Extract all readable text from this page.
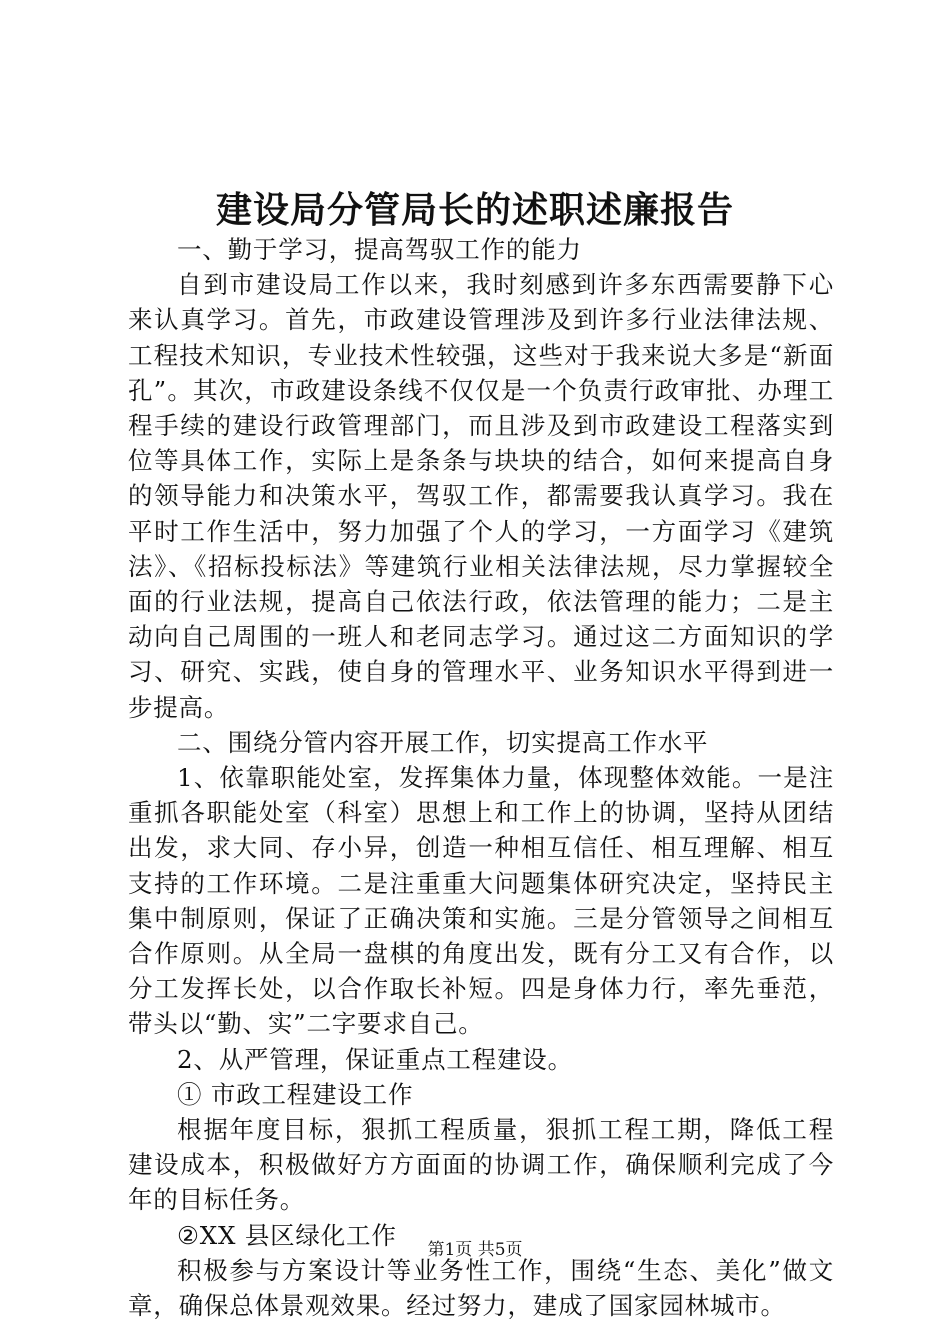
建设局分管局长的述职述廉报告

一、勤于学习，提高驾驭工作的能力

自到市建设局工作以来，我时刻感到许多东西需要静下心来认真学习。首先，市政建设管理涉及到许多行业法律法规、工程技术知识，专业技术性较强，这些对于我来说大多是“新面孔”。其次，市政建设条线不仅仅是一个负责行政审批、办理工程手续的建设行政管理部门，而且涉及到市政建设工程落实到位等具体工作，实际上是条条与块块的结合，如何来提高自身的领导能力和决策水平，驾驭工作，都需要我认真学习。我在平时工作生活中，努力加强了个人的学习，一方面学习《建筑法》、《招标投标法》等建筑行业相关法律法规，尽力掌握较全面的行业法规，提高自己依法行政，依法管理的能力；二是主动向自己周围的一班人和老同志学习。通过这二方面知识的学习、研究、实践，使自身的管理水平、业务知识水平得到进一步提高。

二、围绕分管内容开展工作，切实提高工作水平

1、依靠职能处室，发挥集体力量，体现整体效能。一是注重抓各职能处室（科室）思想上和工作上的协调，坚持从团结出发，求大同、存小异，创造一种相互信任、相互理解、相互支持的工作环境。二是注重重大问题集体研究决定，坚持民主集中制原则，保证了正确决策和实施。三是分管领导之间相互合作原则。从全局一盘棋的角度出发，既有分工又有合作，以分工发挥长处，以合作取长补短。四是身体力行，率先垂范，带头以“勤、实”二字要求自己。

2、从严管理，保证重点工程建设。

① 市政工程建设工作

根据年度目标，狠抓工程质量，狠抓工程工期，降低工程建设成本，积极做好方方面面的协调工作，确保顺利完成了今年的目标任务。

②XX 县区绿化工作

积极参与方案设计等业务性工作，围绕“生态、美化”做文章，确保总体景观效果。经过努力，建成了国家园林城市。

第1页 共5页
